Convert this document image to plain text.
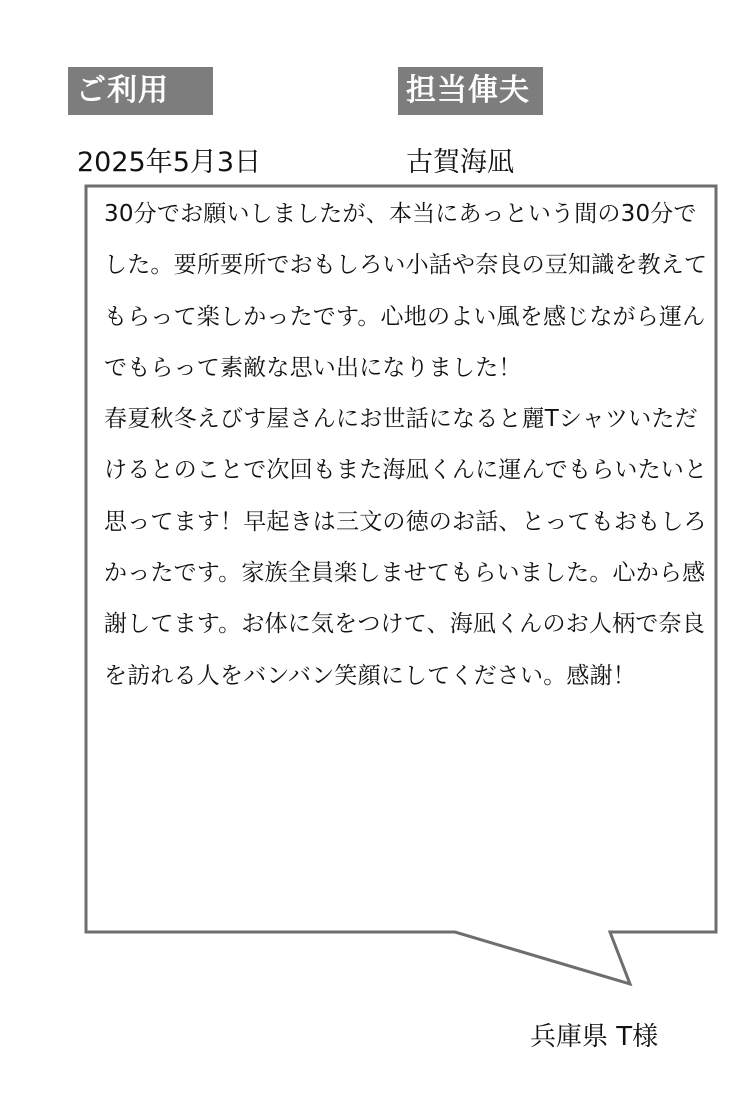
ご利用	担当俥夫
2025年5月3日	古賀海凪
30分でお願いしましたが、本当にあっという間の30分でした。要所要所でおもしろい小話や奈良の豆知識を教えてもらって楽しかったです。心地のよい風を感じながら運んでもらって素敵な思い出になりました！
春夏秋冬えびす屋さんにお世話になると麗Tシャツいただけるとのことで次回もまた海凪くんに運んでもらいたいと思ってます！早起きは三文の徳のお話、とってもおもしろかったです。家族全員楽しませてもらいました。心から感謝してます。お体に気をつけて、海凪くんのお人柄で奈良を訪れる人をバンバン笑顔にしてください。感謝！
兵庫県 T様
